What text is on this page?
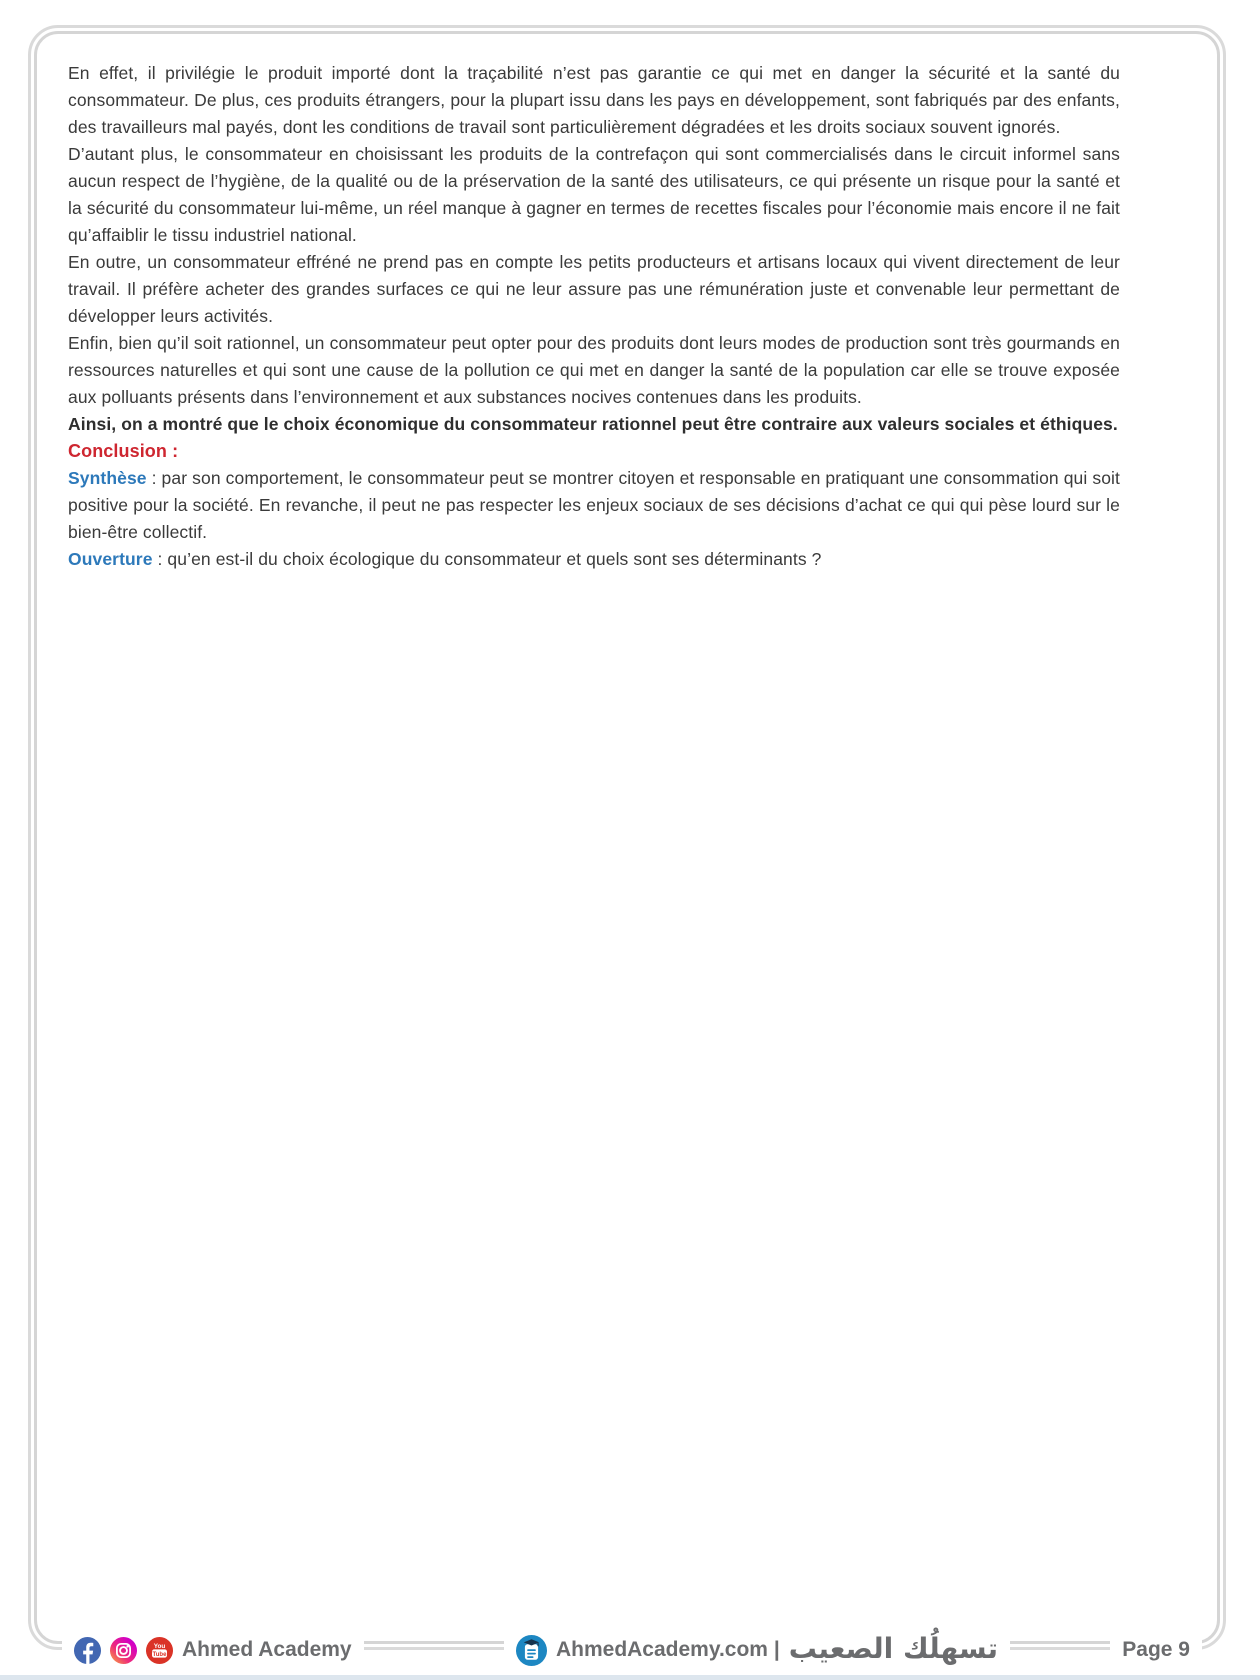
En effet, il privilégie le produit importé dont la traçabilité n’est pas garantie ce qui met en danger la sécurité et la santé du consommateur. De plus, ces produits étrangers, pour la plupart issu dans les pays en développement, sont fabriqués par des enfants, des travailleurs mal payés, dont les conditions de travail sont particulièrement dégradées et les droits sociaux souvent ignorés.

D’autant plus, le consommateur en choisissant les produits de la contrefaçon qui sont commercialisés dans le circuit informel sans aucun respect de l’hygiène, de la qualité ou de la préservation de la santé des utilisateurs, ce qui présente un risque pour la santé et la sécurité du consommateur lui-même, un réel manque à gagner en termes de recettes fiscales pour l’économie mais encore il ne fait qu’affaiblir le tissu industriel national.

En outre, un consommateur effréné ne prend pas en compte les petits producteurs et artisans locaux qui vivent directement de leur travail. Il préfère acheter des grandes surfaces ce qui ne leur assure pas une rémunération juste et convenable leur permettant de développer leurs activités.

Enfin, bien qu’il soit rationnel, un consommateur peut opter pour des produits dont leurs modes de production sont très gourmands en ressources naturelles et qui sont une cause de la pollution ce qui met en danger la santé de la population car elle se trouve exposée aux polluants présents dans l’environnement et aux substances nocives contenues dans les produits.

Ainsi, on a montré que le choix économique du consommateur rationnel peut être contraire aux valeurs sociales et éthiques.

Conclusion :

Synthèse : par son comportement, le consommateur peut se montrer citoyen et responsable en pratiquant une consommation qui soit positive pour la société. En revanche, il peut ne pas respecter les enjeux sociaux de ses décisions d’achat ce qui qui pèse lourd sur le bien-être collectif.

Ouverture : qu’en est-il du choix écologique du consommateur et quels sont ses déterminants ?

You
Tube Ahmed Academy	AhmedAcademy.com | تسهلُك الصعيب	Page 9
